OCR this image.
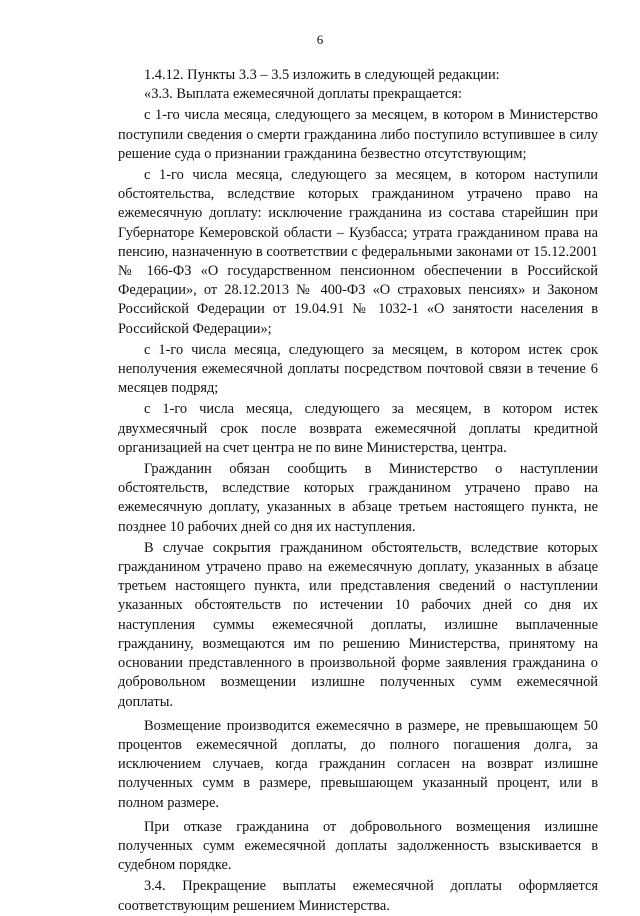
6

1.4.12. Пункты 3.3 – 3.5 изложить в следующей редакции:

«3.3. Выплата ежемесячной доплаты прекращается:

с 1-го числа месяца, следующего за месяцем, в котором в Министерство поступили сведения о смерти гражданина либо поступило вступившее в силу решение суда о признании гражданина безвестно отсутствующим;

с 1-го числа месяца, следующего за месяцем, в котором наступили обстоятельства, вследствие которых гражданином утрачено право на ежемесячную доплату: исключение гражданина из состава старейшин при Губернаторе Кемеровской области – Кузбасса; утрата гражданином права на пенсию, назначенную в соответствии с федеральными законами от 15.12.2001 № 166-ФЗ «О государственном пенсионном обеспечении в Российской Федерации», от 28.12.2013 № 400-ФЗ «О страховых пенсиях» и Законом Российской Федерации от 19.04.91 № 1032-1 «О занятости населения в Российской Федерации»;

с 1-го числа месяца, следующего за месяцем, в котором истек срок неполучения ежемесячной доплаты посредством почтовой связи в течение 6 месяцев подряд;

с 1-го числа месяца, следующего за месяцем, в котором истек двухмесячный срок после возврата ежемесячной доплаты кредитной организацией на счет центра не по вине Министерства, центра.

Гражданин обязан сообщить в Министерство о наступлении обстоятельств, вследствие которых гражданином утрачено право на ежемесячную доплату, указанных в абзаце третьем настоящего пункта, не позднее 10 рабочих дней со дня их наступления.

В случае сокрытия гражданином обстоятельств, вследствие которых гражданином утрачено право на ежемесячную доплату, указанных в абзаце третьем настоящего пункта, или представления сведений о наступлении указанных обстоятельств по истечении 10 рабочих дней со дня их наступления суммы ежемесячной доплаты, излишне выплаченные гражданину, возмещаются им по решению Министерства, принятому на основании представленного в произвольной форме заявления гражданина о добровольном возмещении излишне полученных сумм ежемесячной доплаты.

Возмещение производится ежемесячно в размере, не превышающем 50 процентов ежемесячной доплаты, до полного погашения долга, за исключением случаев, когда гражданин согласен на возврат излишне полученных сумм в размере, превышающем указанный процент, или в полном размере.

При отказе гражданина от добровольного возмещения излишне полученных сумм ежемесячной доплаты задолженность взыскивается в судебном порядке.

3.4. Прекращение выплаты ежемесячной доплаты оформляется соответствующим решением Министерства.
